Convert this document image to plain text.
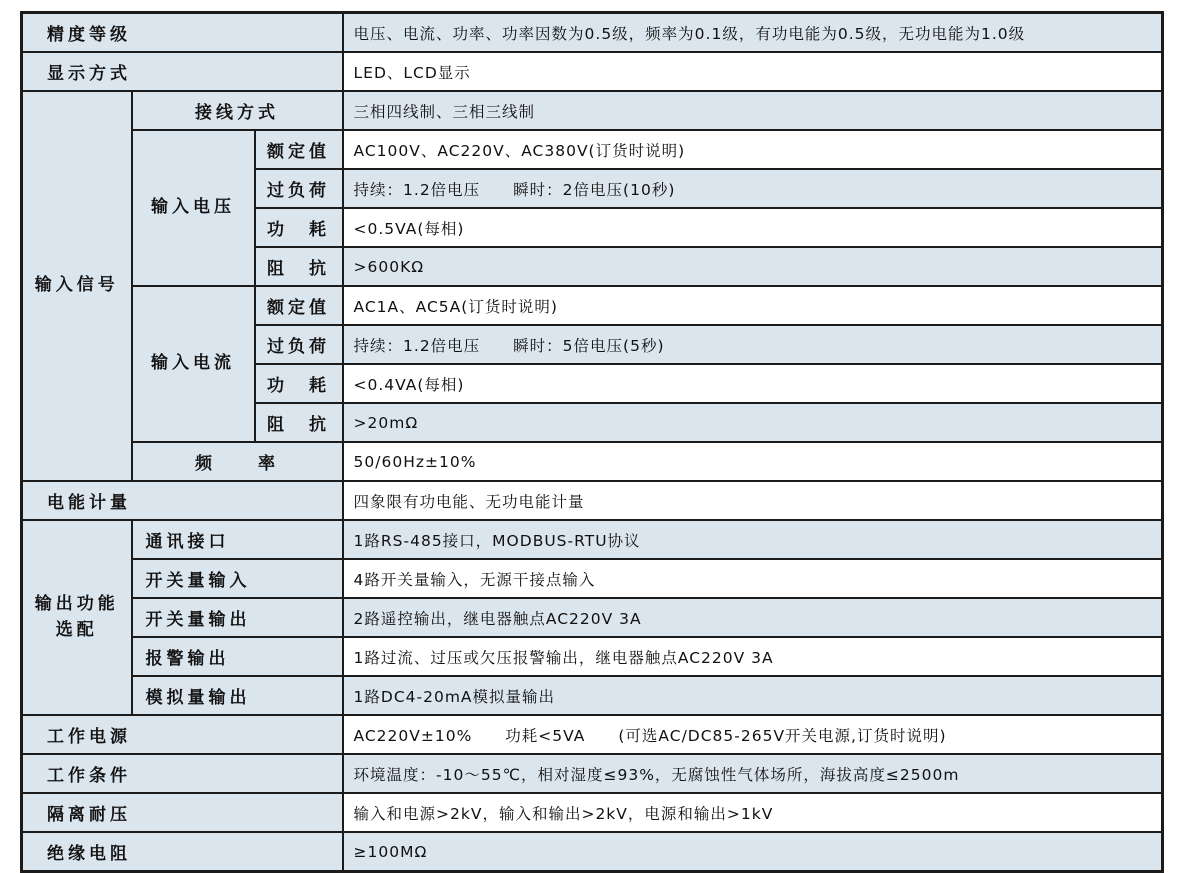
精度等级			电压、电流、功率、功率因数为0.5级，频率为0.1级，有功电能为0.5级，无功电能为1.0级
显示方式			LED、LCD显示
输入信号	接线方式		三相四线制、三相三线制
	输入电压	额定值	AC100V、AC220V、AC380V(订货时说明)
		过负荷	持续：1.2倍电压　　瞬时：2倍电压(10秒)
		功　耗	<0.5VA(每相)
		阻　抗	>600KΩ
	输入电流	额定值	AC1A、AC5A(订货时说明)
		过负荷	持续：1.2倍电压　　瞬时：5倍电压(5秒)
		功　耗	<0.4VA(每相)
		阻　抗	>20mΩ
	频　　率		50/60Hz±10%
电能计量			四象限有功电能、无功电能计量
输出功能选配	通讯接口		1路RS-485接口，MODBUS-RTU协议
	开关量输入		4路开关量输入，无源干接点输入
	开关量输出		2路遥控输出，继电器触点AC220V 3A
	报警输出		1路过流、过压或欠压报警输出，继电器触点AC220V 3A
	模拟量输出		1路DC4-20mA模拟量输出
工作电源			AC220V±10%　　功耗<5VA　　(可选AC/DC85-265V开关电源,订货时说明)
工作条件			环境温度：-10～55℃，相对湿度≤93%，无腐蚀性气体场所，海拔高度≤2500m
隔离耐压			输入和电源>2kV，输入和输出>2kV，电源和输出>1kV
绝缘电阻			≥100MΩ
